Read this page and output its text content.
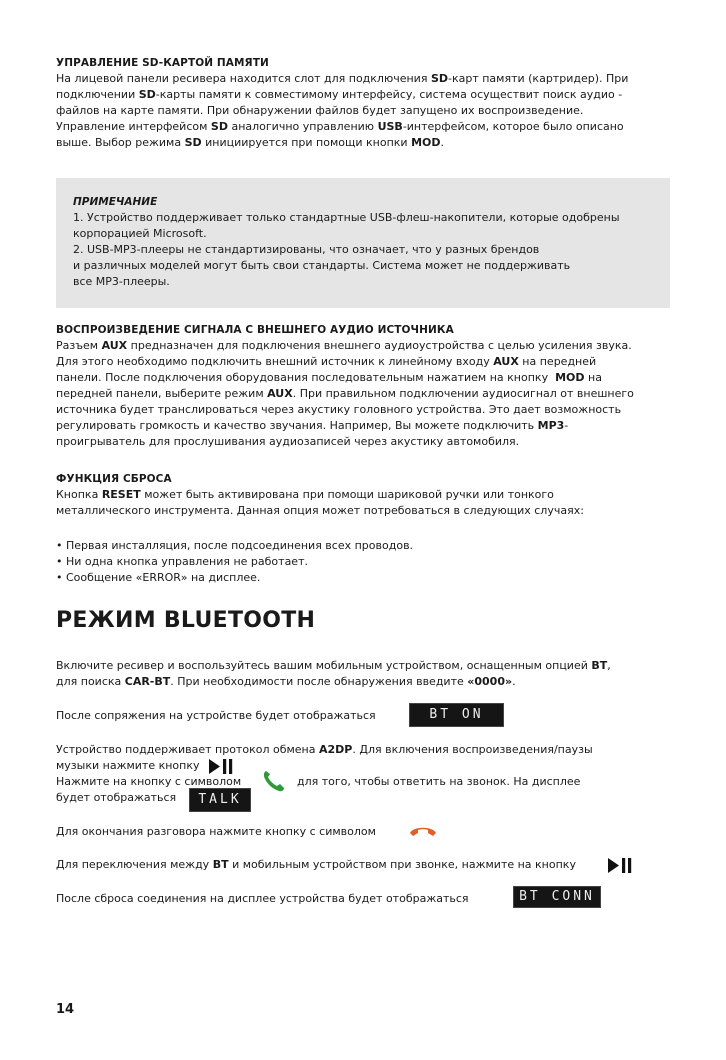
УПРАВЛЕНИЕ SD-КАРТОЙ ПАМЯТИ

На лицевой панели ресивера находится слот для подключения SD-карт памяти (картридер). При

подключении SD-карты памяти к совместимому интерфейсу, система осуществит поиск аудио -

файлов на карте памяти. При обнаружении файлов будет запущено их воспроизведение.

Управление интерфейсом SD аналогично управлению USB-интерфейсом, которое было описано

выше. Выбор режима SD инициируется при помощи кнопки MOD.

ПРИМЕЧАНИЕ

1. Устройство поддерживает только стандартные USB-флеш-накопители, которые одобрены

корпорацией Microsoft.

2. USB-MP3-плееры не стандартизированы, что означает, что у разных брендов

и различных моделей могут быть свои стандарты. Система может не поддерживать

все MP3-плееры.

ВОСПРОИЗВЕДЕНИЕ СИГНАЛА С ВНЕШНЕГО АУДИО ИСТОЧНИКА

Разъем AUX предназначен для подключения внешнего аудиоустройства с целью усиления звука.

Для этого необходимо подключить внешний источник к линейному входу AUX на передней

панели. После подключения оборудования последовательным нажатием на кнопку  MOD на

передней панели, выберите режим AUX. При правильном подключении аудиосигнал от внешнего

источника будет транслироваться через акустику головного устройства. Это дает возможность

регулировать громкость и качество звучания. Например, Вы можете подключить MP3-

проигрыватель для прослушивания аудиозаписей через акустику автомобиля.

ФУНКЦИЯ СБРОСА

Кнопка RESET может быть активирована при помощи шариковой ручки или тонкого

металлического инструмента. Данная опция может потребоваться в следующих случаях:

• Первая инсталляция, после подсоединения всех проводов.

• Ни одна кнопка управления не работает.

• Сообщение «ERROR» на дисплее.

РЕЖИМ BLUETOOTH

Включите ресивер и воспользуйтесь вашим мобильным устройством, оснащенным опцией BT,

для поиска CAR-BT. При необходимости после обнаружения введите «0000».

После сопряжения на устройстве будет отображаться	BT ON
Устройство поддерживает протокол обмена A2DP. Для включения воспроизведения/паузы
музыки нажмите кнопку
Нажмите на кнопку с символом	для того, чтобы ответить на звонок. На дисплее
будет отображаться	TALK
Для окончания разговора нажмите кнопку с символом
Для переключения между BT и мобильным устройством при звонке, нажмите на кнопку
После сброса соединения на дисплее устройства будет отображаться	BT CONN
14
